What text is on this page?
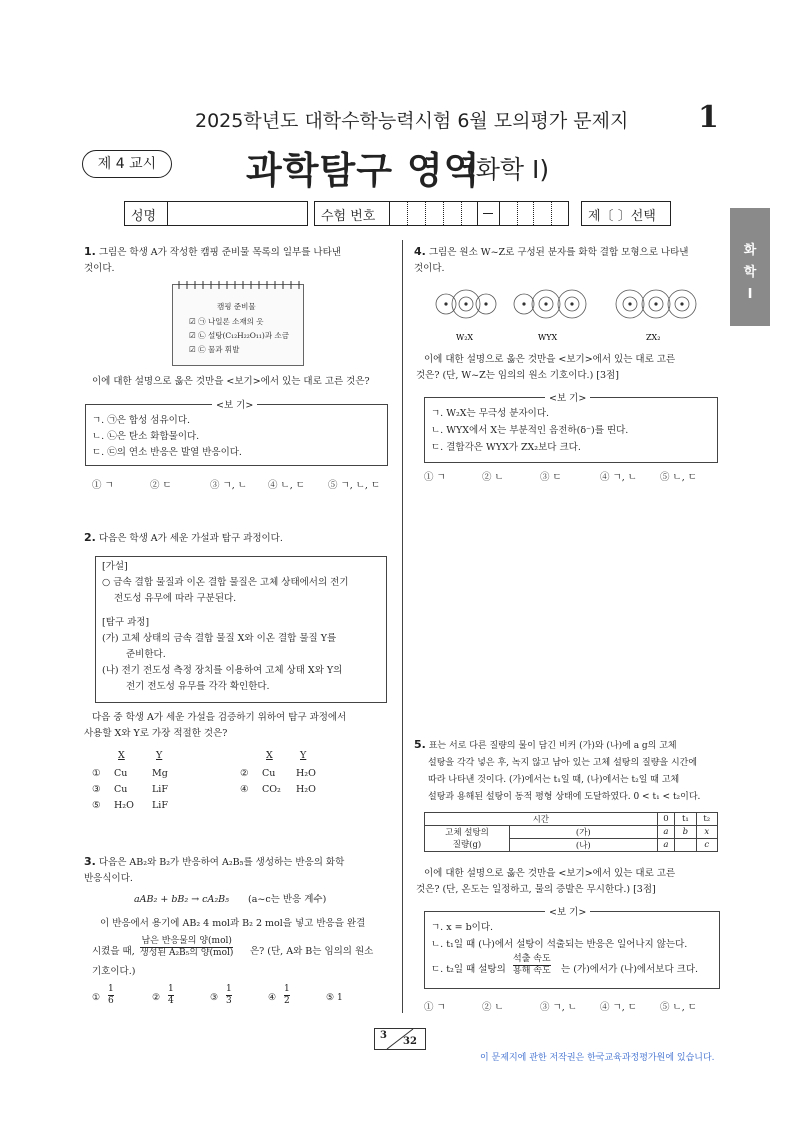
2025학년도 대학수학능력시험 6월 모의평가 문제지 1
제 4 교시	과학탐구 영역
(화학 I)
성명	수험 번호	제〔 〕선택
화
학
Ⅰ
1. 그림은 학생 A가 작성한 캠핑 준비물 목록의 일부를 나타낸
것이다.
캠핑 준비물
☑ ㉠ 나일론 소재의 옷
☑ ㉡ 설탕(C₁₂H₂₂O₁₁)과 소금
☑ ㉢ 물과 휘발
이에 대한 설명으로 옳은 것만을 <보기>에서 있는 대로 고른 것은?
<보 기>
ㄱ. ㉠은 합성 섬유이다.
ㄴ. ㉡은 탄소 화합물이다.
ㄷ. ㉢의 연소 반응은 발열 반응이다.
① ㄱ	② ㄷ	③ ㄱ, ㄴ ④ ㄴ, ㄷ ⑤ ㄱ, ㄴ, ㄷ
2. 다음은 학생 A가 세운 가설과 탐구 과정이다.
[가설]
○ 금속 결합 물질과 이온 결합 물질은 고체 상태에서의 전기
전도성 유무에 따라 구분된다.
[탐구 과정]
(가) 고체 상태의 금속 결합 물질 X와 이온 결합 물질 Y를
준비한다.
(나) 전기 전도성 측정 장치를 이용하여 고체 상태 X와 Y의
전기 전도성 유무를 각각 확인한다.
다음 중 학생 A가 세운 가설을 검증하기 위하여 탐구 과정에서
사용할 X와 Y로 가장 적절한 것은?
X	Y	X	Y
① Cu	Mg	② Cu H₂O
③ Cu	LiF	④ CO₂ H₂O
⑤ H₂O LiF
3. 다음은 AB₂와 B₂가 반응하여 A₂B₅를 생성하는 반응의 화학
반응식이다.
aAB₂ + bB₂ → cA₂B₅ (a~c는 반응 계수)
이 반응에서 용기에 AB₂ 4 mol과 B₂ 2 mol을 넣고 반응을 완결
시켰을 때,
남은 반응물의 양(mol)
생성된 A₂B₅의 양(mol) 은? (단, A와 B는 임의의 원소
기호이다.)
①
1
6	②
1
4	③
1
3	④
1
2	⑤ 1
4. 그림은 원소 W~Z로 구성된 분자를 화학 결합 모형으로 나타낸
것이다.
W₂X	WYX	ZX₂
이에 대한 설명으로 옳은 것만을 <보기>에서 있는 대로 고른
것은? (단, W~Z는 임의의 원소 기호이다.) [3점]
<보 기>
ㄱ. W₂X는 무극성 분자이다.
ㄴ. WYX에서 X는 부분적인 음전하(δ⁻)를 띤다.
ㄷ. 결합각은 WYX가 ZX₂보다 크다.
① ㄱ	② ㄴ	③ ㄷ	④ ㄱ, ㄴ ⑤ ㄴ, ㄷ
5. 표는 서로 다른 질량의 물이 담긴 비커 (가)와 (나)에 a g의 고체
설탕을 각각 넣은 후, 녹지 않고 남아 있는 고체 설탕의 질량을 시간에
따라 나타낸 것이다. (가)에서는 t₁일 때, (나)에서는 t₂일 때 고체
설탕과 용해된 설탕이 동적 평형 상태에 도달하였다. 0 < t₁ < t₂이다.
시간		0	t₁	t₂
고체 설탕의
질량(g)	(가)	a	b	x
	(나)	a		c
이에 대한 설명으로 옳은 것만을 <보기>에서 있는 대로 고른
것은? (단, 온도는 일정하고, 물의 증발은 무시한다.) [3점]
<보 기>
ㄱ. x = b이다.
ㄴ. t₁일 때 (나)에서 설탕이 석출되는 반응은 일어나지 않는다.
ㄷ. t₂일 때 설탕의
석출 속도
용해 속도 는 (가)에서가 (나)에서보다 크다.
① ㄱ	② ㄴ	③ ㄱ, ㄴ ④ ㄱ, ㄷ ⑤ ㄴ, ㄷ
3
32
이 문제지에 관한 저작권은 한국교육과정평가원에 있습니다.
